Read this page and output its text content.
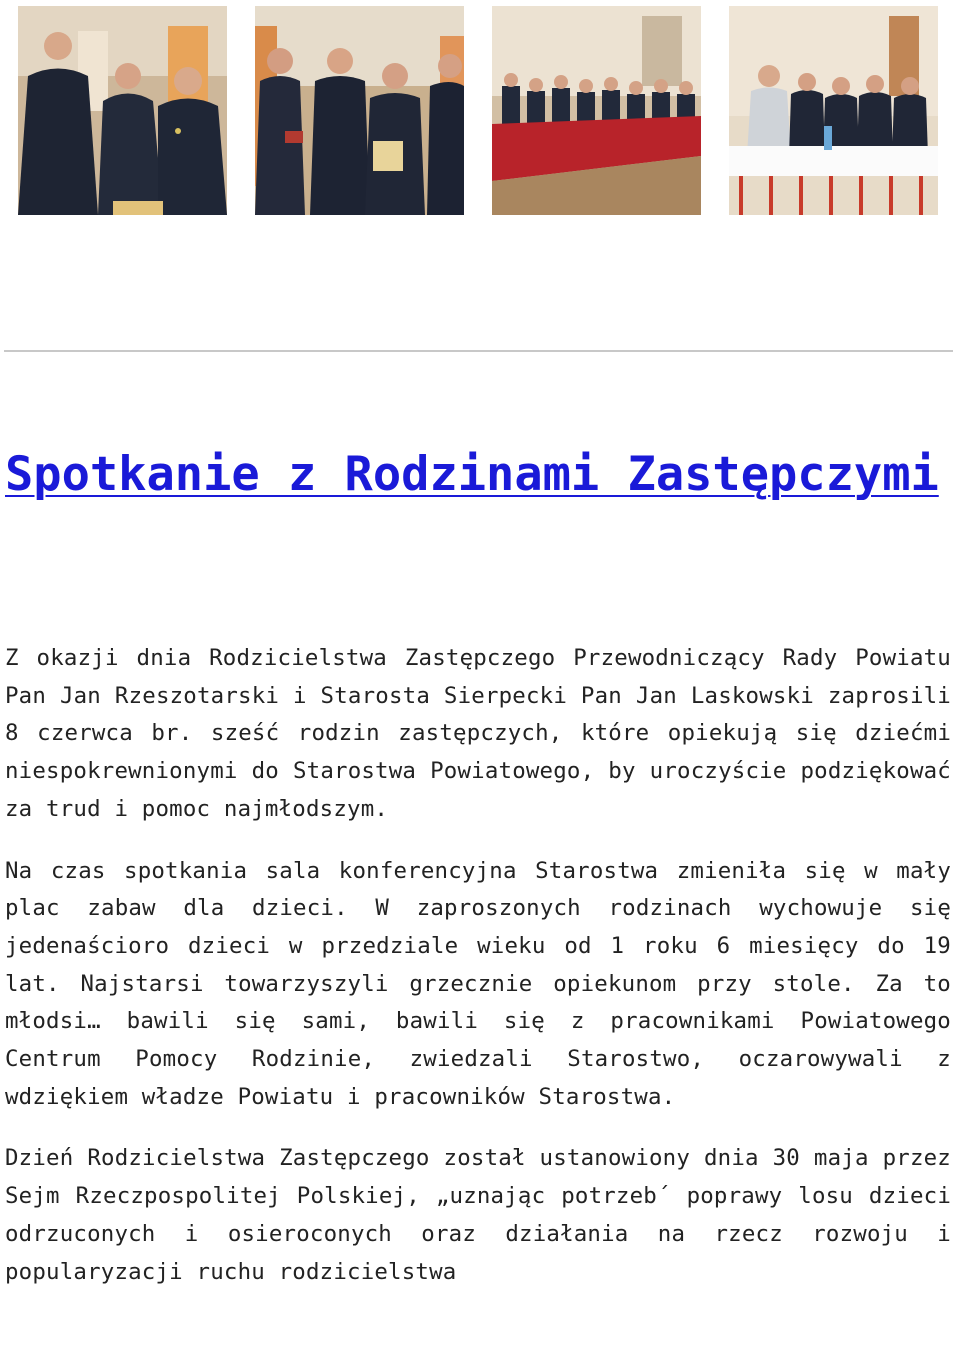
Spotkanie z Rodzinami Zastępczymi

Z okazji dnia Rodzicielstwa Zastępczego Przewodniczący Rady Powiatu Pan Jan Rzeszotarski i Starosta Sierpecki Pan Jan Laskowski zaprosili 8 czerwca br. sześć rodzin zastępczych, które opiekują się dziećmi niespokrewnionymi do Starostwa Powiatowego, by uroczyście podziękować za trud i pomoc najmłodszym.

Na czas spotkania sala konferencyjna Starostwa zmieniła się w mały plac zabaw dla dzieci. W zaproszonych rodzinach wychowuje się jedenaścioro dzieci w przedziale wieku od 1 roku 6 miesięcy do 19 lat. Najstarsi towarzyszyli grzecznie opiekunom przy stole. Za to młodsi… bawili się sami, bawili się z pracownikami Powiatowego Centrum Pomocy Rodzinie, zwiedzali Starostwo, oczarowywali z wdziękiem władze Powiatu i pracowników Starostwa.

Dzień Rodzicielstwa Zastępczego został ustanowiony dnia 30 maja przez Sejm Rzeczpospolitej Polskiej, „uznając potrzeb´ poprawy losu dzieci odrzuconych i osieroconych oraz działania na rzecz rozwoju i popularyzacji ruchu rodzicielstwa
